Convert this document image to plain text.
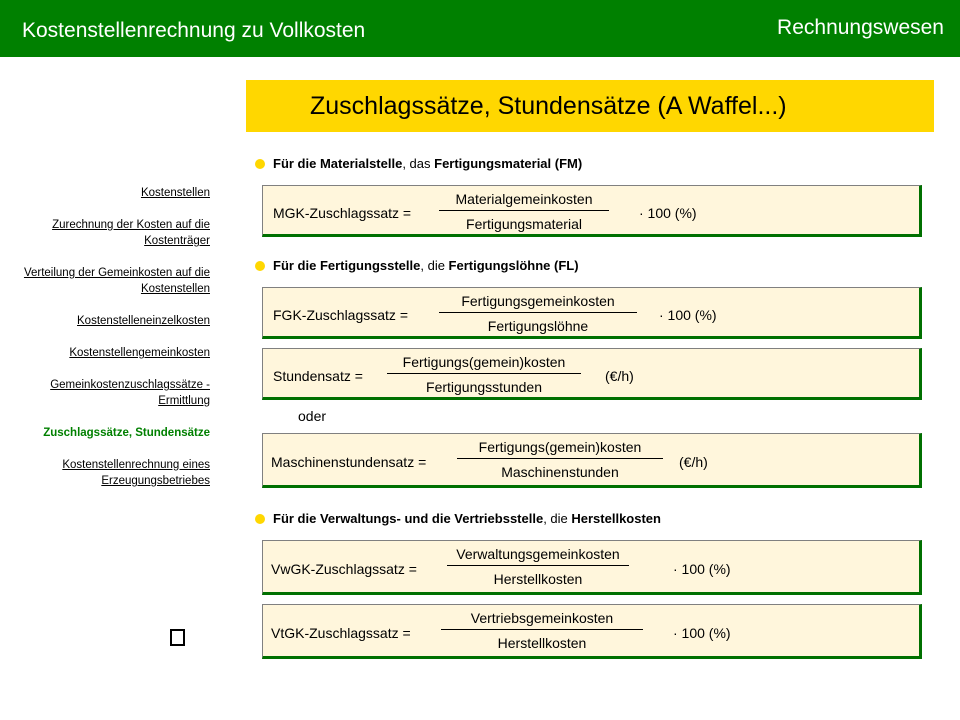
Kostenstellenrechnung zu Vollkosten	Rechnungswesen
Zuschlagssätze, Stundensätze (A Waffel...)
Kostenstellen
Zurechnung der Kosten auf die Kostenträger
Verteilung der Gemeinkosten auf die Kostenstellen
Kostenstelleneinzelkosten
Kostenstellengemeinkosten
Gemeinkostenzuschlagssätze - Ermittlung
Zuschlagssätze, Stundensätze
Kostenstellenrechnung eines Erzeugungsbetriebes
Für die Materialstelle, das Fertigungsmaterial (FM)
MGK-Zuschlagssatz =
Materialgemeinkosten
Fertigungsmaterial
· 100 (%)
Für die Fertigungsstelle, die Fertigungslöhne (FL)
FGK-Zuschlagssatz =
Fertigungsgemeinkosten
Fertigungslöhne
· 100 (%)
Stundensatz =
Fertigungs(gemein)kosten
Fertigungsstunden
(€/h)
oder
Maschinenstundensatz =
Fertigungs(gemein)kosten
Maschinenstunden
(€/h)
Für die Verwaltungs- und die Vertriebsstelle, die Herstellkosten
VwGK-Zuschlagssatz =
Verwaltungsgemeinkosten
Herstellkosten
· 100 (%)
VtGK-Zuschlagssatz =
Vertriebsgemeinkosten
Herstellkosten
· 100 (%)
